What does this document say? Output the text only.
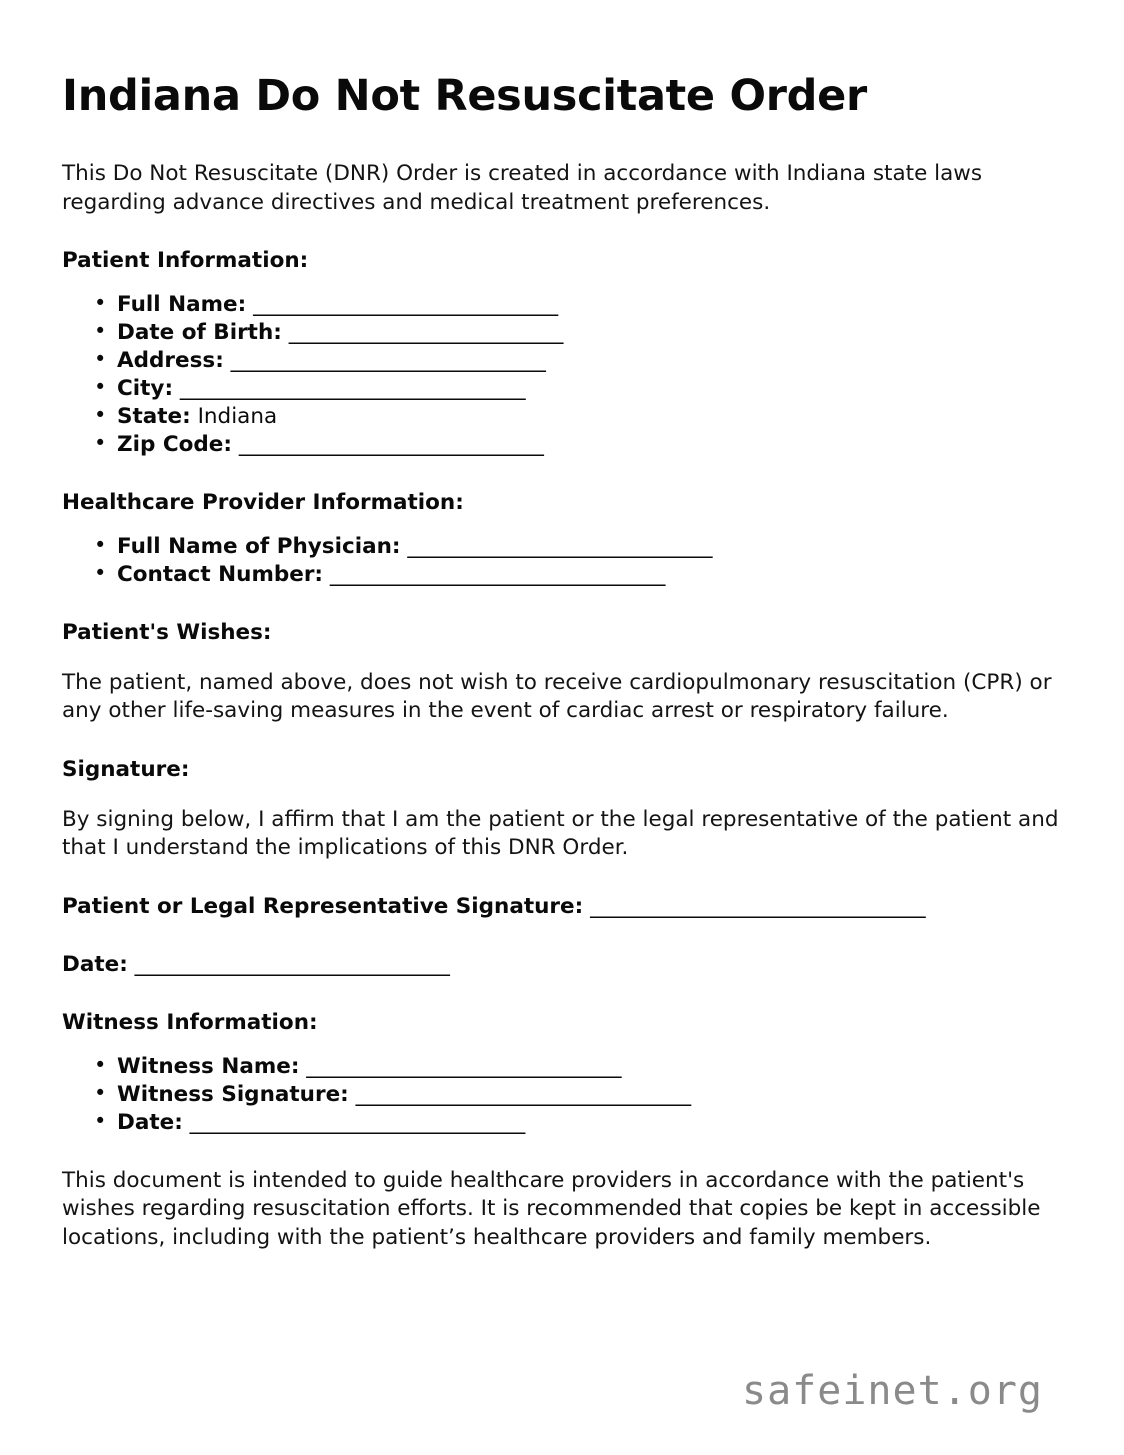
Indiana Do Not Resuscitate Order

This Do Not Resuscitate (DNR) Order is created in accordance with Indiana state laws regarding advance directives and medical treatment preferences.

Patient Information:
• Full Name: ______________________________
• Date of Birth: ___________________________
• Address: _______________________________
• City: __________________________________
• State: Indiana
• Zip Code: ______________________________
Healthcare Provider Information:
• Full Name of Physician: ______________________________
• Contact Number: _________________________________
Patient's Wishes:

The patient, named above, does not wish to receive cardiopulmonary resuscitation (CPR) or any other life-saving measures in the event of cardiac arrest or respiratory failure.

Signature:

By signing below, I affirm that I am the patient or the legal representative of the patient and that I understand the implications of this DNR Order.

Patient or Legal Representative Signature: _________________________________
Date: _______________________________
Witness Information:
• Witness Name: _______________________________
• Witness Signature: _________________________________
• Date: _________________________________

This document is intended to guide healthcare providers in accordance with the patient's wishes regarding resuscitation efforts. It is recommended that copies be kept in accessible locations, including with the patient’s healthcare providers and family members.

safeinet.org
